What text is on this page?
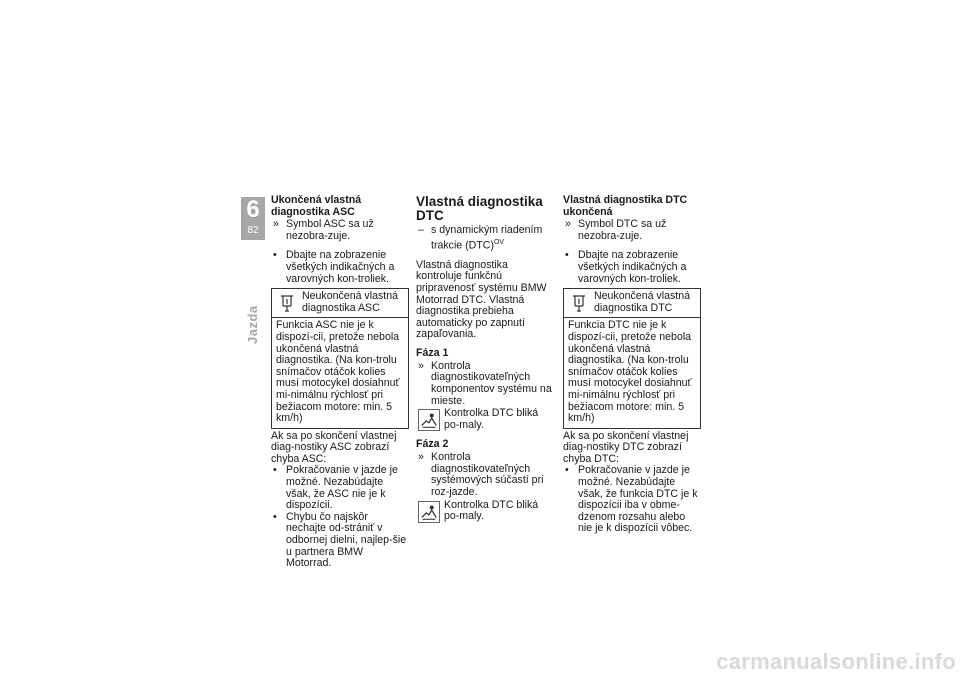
6
82
Jazda
Ukončená vlastná diagnostika ASC
» Symbol ASC sa už nezobra-zuje.
• Dbajte na zobrazenie všetkých indikačných a varovných kon-troliek.
Neukončená vlastná diagnostika ASC
Funkcia ASC nie je k dispozí-cii, pretože nebola ukončená vlastná diagnostika. (Na kon-trolu snímačov otáčok kolies musí motocykel dosiahnuť mi-nimálnu rýchlosť pri bežiacom motore: min. 5 km/h)

Ak sa po skončení vlastnej diag-nostiky ASC zobrazí chyba ASC:

• Pokračovanie v jazde je možné. Nezabúdajte však, že ASC nie je k dispozícii.
• Chybu čo najskôr nechajte od-strániť v odbornej dielni, najlep-šie u partnera BMW Motorrad.
Vlastná diagnostika DTC
– s dynamickým riadením trakcie (DTC)$^{OV}$

Vlastná diagnostika kontroluje funkčnú pripravenosť systému BMW Motorrad DTC. Vlastná diagnostika prebieha automaticky po zapnutí zapaľovania.

Fáza 1
» Kontrola diagnostikovateľných komponentov systému na mieste.
Kontrolka DTC bliká po-maly.
Fáza 2
» Kontrola diagnostikovateľných systémových súčastí pri roz-jazde.
Kontrolka DTC bliká po-maly.
Vlastná diagnostika DTC ukončená
» Symbol DTC sa už nezobra-zuje.
• Dbajte na zobrazenie všetkých indikačných a varovných kon-troliek.
Neukončená vlastná diagnostika DTC
Funkcia DTC nie je k dispozí-cii, pretože nebola ukončená vlastná diagnostika. (Na kon-trolu snímačov otáčok kolies musí motocykel dosiahnuť mi-nimálnu rýchlosť pri bežiacom motore: min. 5 km/h)

Ak sa po skončení vlastnej diag-nostiky DTC zobrazí chyba DTC:

• Pokračovanie v jazde je možné. Nezabúdajte však, že funkcia DTC je k dispozícii iba v obme-dzenom rozsahu alebo nie je k dispozícii vôbec.
carmanualsonline.info
